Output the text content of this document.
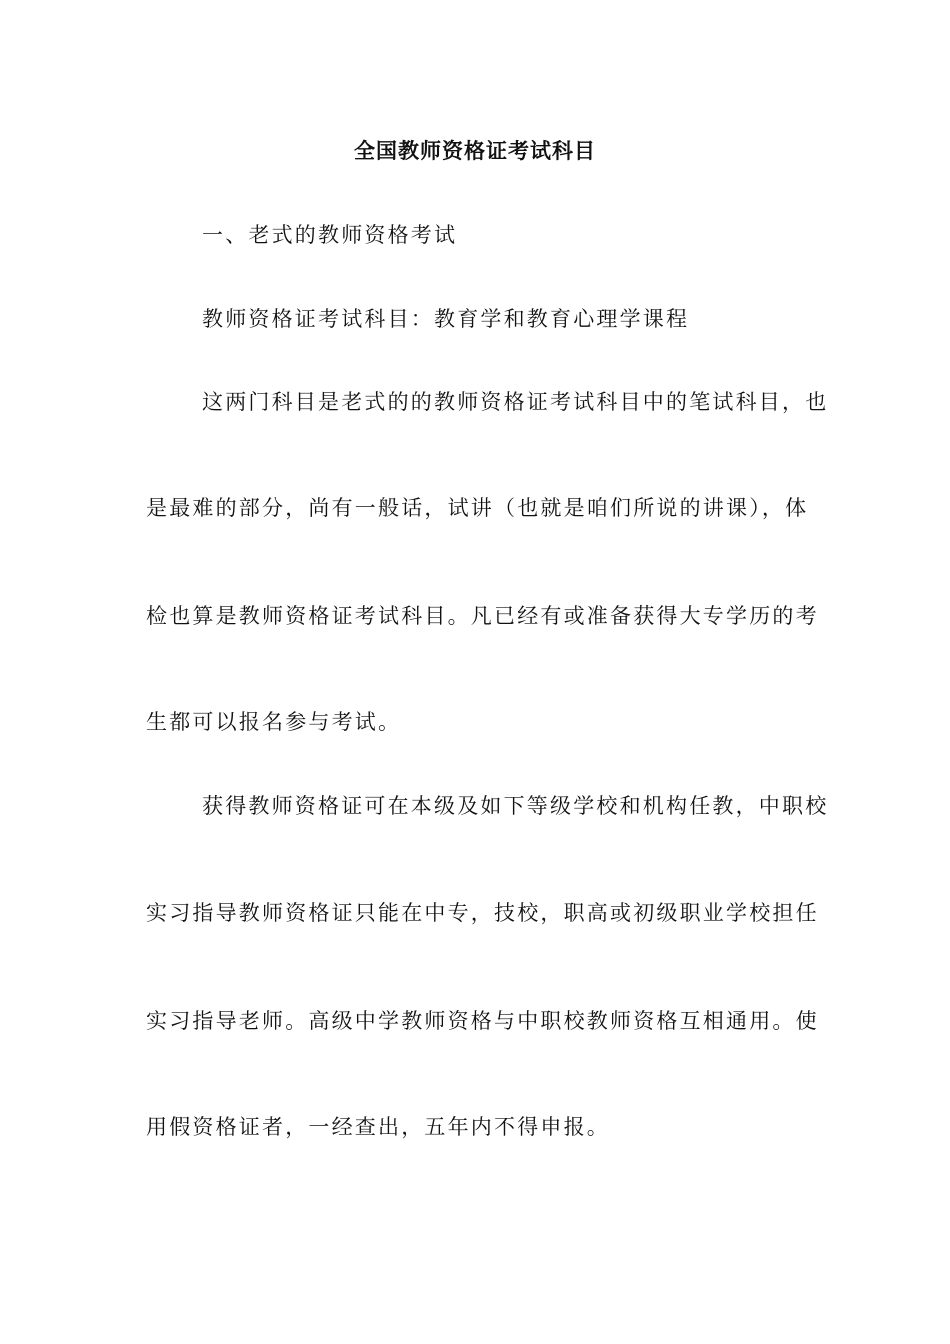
全国教师资格证考试科目

一、老式的教师资格考试

教师资格证考试科目：教育学和教育心理学课程

这两门科目是老式的的教师资格证考试科目中的笔试科目，也

是最难的部分，尚有一般话，试讲（也就是咱们所说的讲课），体

检也算是教师资格证考试科目。凡已经有或准备获得大专学历的考

生都可以报名参与考试。

获得教师资格证可在本级及如下等级学校和机构任教，中职校

实习指导教师资格证只能在中专，技校，职高或初级职业学校担任

实习指导老师。高级中学教师资格与中职校教师资格互相通用。使

用假资格证者，一经查出，五年内不得申报。
